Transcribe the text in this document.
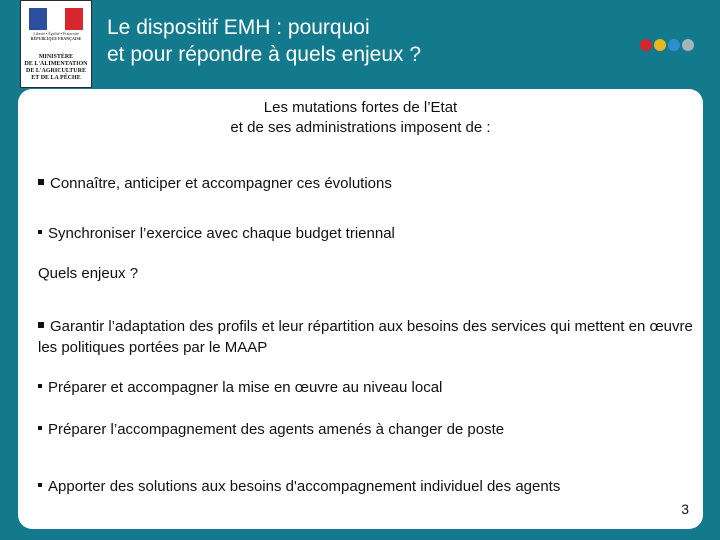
Liberté • Égalité • Fraternité
RÉPUBLIQUE FRANÇAISE
MINISTÈRE
DE L'ALIMENTATION
DE L'AGRICULTURE
ET DE LA PÊCHE
Le dispositif EMH : pourquoi
et pour répondre à quels enjeux ?
Les mutations fortes de l’Etat
et de ses administrations imposent de :
Connaître, anticiper et accompagner ces évolutions
Synchroniser l’exercice avec chaque budget triennal
Quels enjeux ?
Garantir l’adaptation des profils et leur répartition aux besoins des services qui mettent en œuvre les politiques portées par le MAAP
Préparer et accompagner la mise en œuvre au niveau local
Préparer l’accompagnement des agents amenés à changer de poste
Apporter des solutions aux besoins d'accompagnement individuel des agents
3
